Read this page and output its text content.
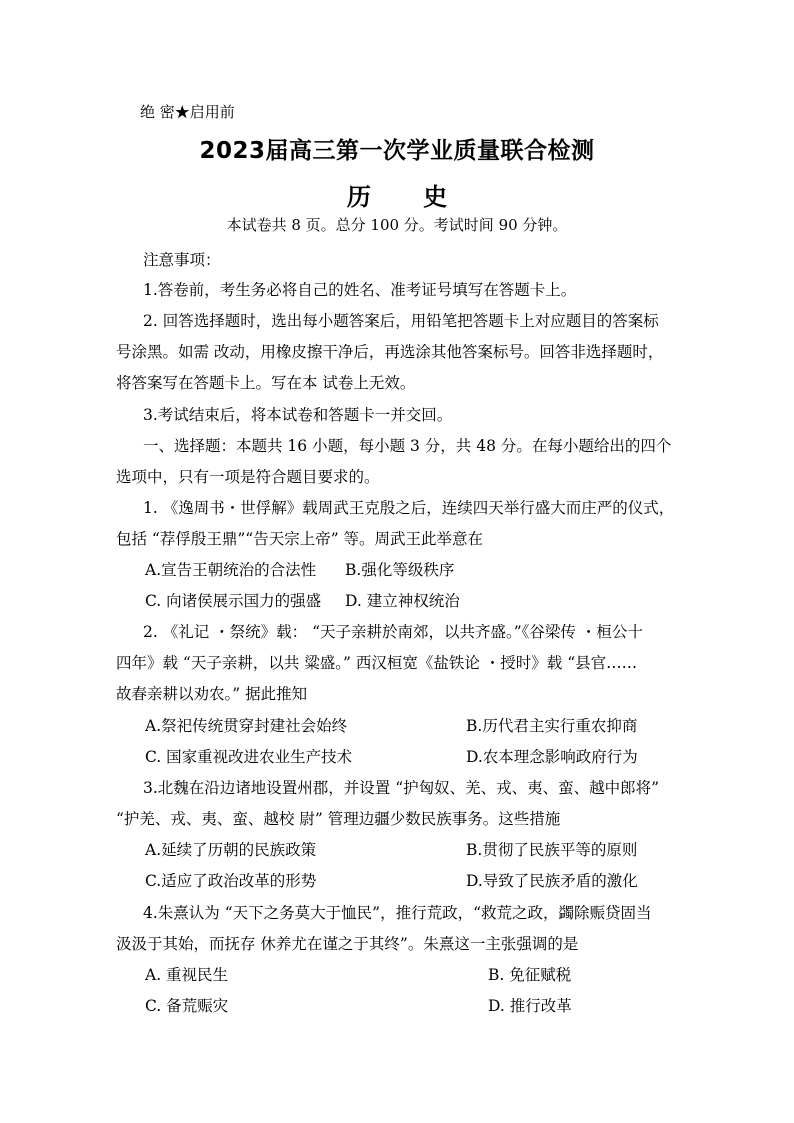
绝 密★启用前
2023届高三第一次学业质量联合检测
历 史
本试卷共 8 页。总分 100 分。考试时间 90 分钟。
注意事项：
1.答卷前，考生务必将自己的姓名、准考证号填写在答题卡上。
2. 回答选择题时，选出每小题答案后，用铅笔把答题卡上对应题目的答案标
号涂黑。如需 改动，用橡皮擦干净后，再选涂其他答案标号。回答非选择题时，
将答案写在答题卡上。写在本 试卷上无效。
3.考试结束后，将本试卷和答题卡一并交回。
一、选择题：本题共 16 小题，每小题 3 分，共 48 分。在每小题给出的四个
选项中，只有一项是符合题目要求的。
1. 《逸周书・世俘解》载周武王克殷之后，连续四天举行盛大而庄严的仪式，
包括 “荐俘殷王鼎”“告天宗上帝” 等。周武王此举意在
A.宣告王朝统治的合法性 B.强化等级秩序
C. 向诸侯展示国力的强盛 D. 建立神权统治
2. 《礼记 ・祭统》载： “天子亲耕於南郊，以共齐盛。”《谷梁传 ・桓公十
四年》载 “天子亲耕，以共 粱盛。” 西汉桓宽《盐铁论 ・授时》载 “县官……
故春亲耕以劝农。” 据此推知
A.祭祀传统贯穿封建社会始终	B.历代君主实行重农抑商
C. 国家重视改进农业生产技术	D.农本理念影响政府行为
3.北魏在沿边诸地设置州郡，并设置 “护匈奴、羌、戎、夷、蛮、越中郎将”
“护羌、戎、夷、蛮、越校 尉” 管理边疆少数民族事务。这些措施
A.延续了历朝的民族政策	B.贯彻了民族平等的原则
C.适应了政治改革的形势	D.导致了民族矛盾的激化
4.朱熹认为 “天下之务莫大于恤民”，推行荒政，“救荒之政，蠲除赈贷固当
汲汲于其始，而抚存 休养尤在谨之于其终”。朱熹这一主张强调的是
A. 重视民生	B. 免征赋税
C. 备荒赈灾	D. 推行改革
